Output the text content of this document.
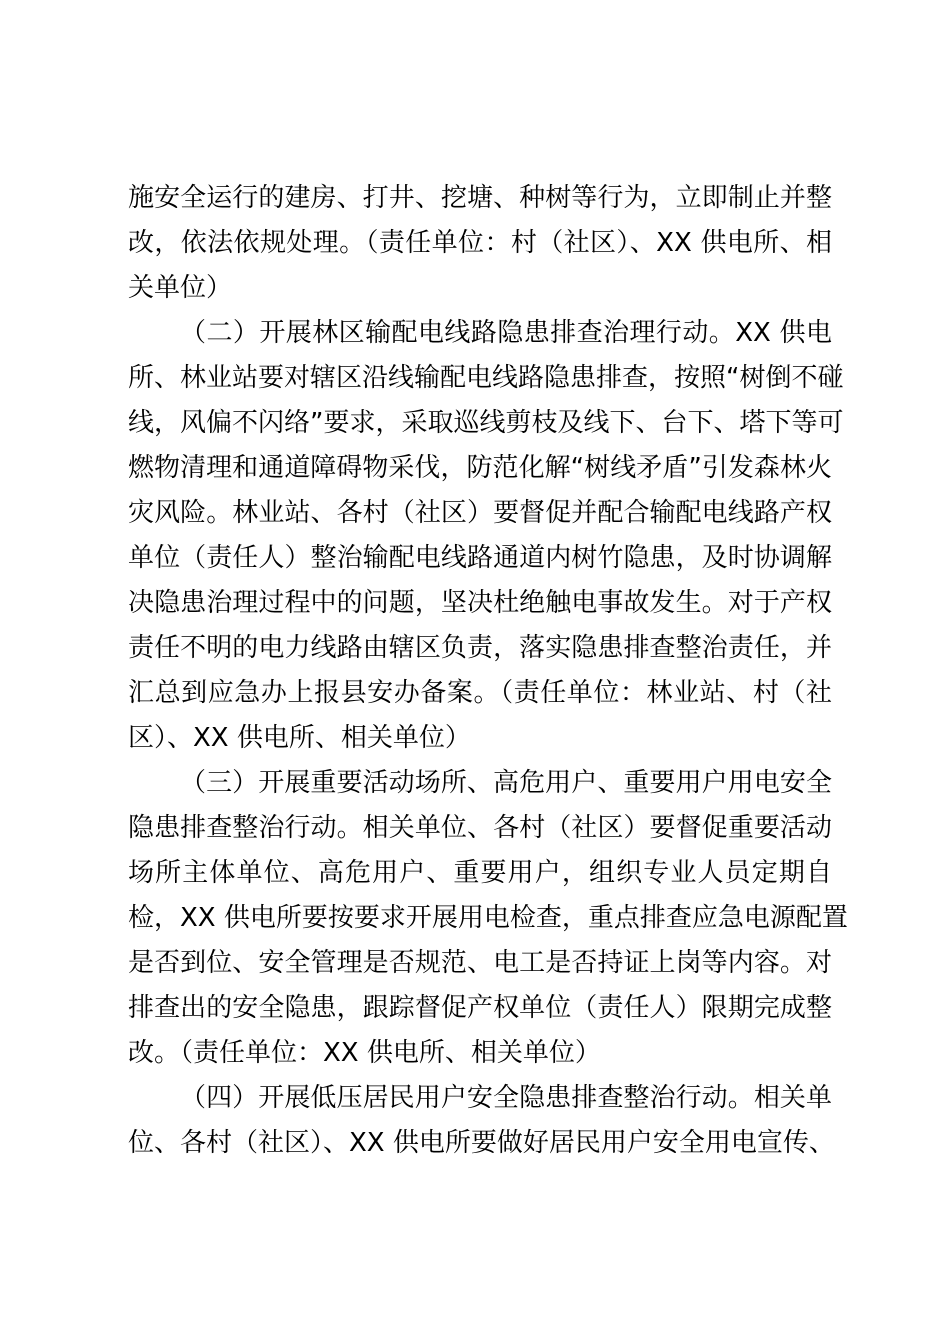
施安全运行的建房、打井、挖塘、种树等行为，立即制止并整
改，依法依规处理。（责任单位：村（社区）、XX 供电所、相
关单位）
（二）开展林区输配电线路隐患排查治理行动。XX 供电
所、林业站要对辖区沿线输配电线路隐患排查，按照“树倒不碰
线，风偏不闪络”要求，采取巡线剪枝及线下、台下、塔下等可
燃物清理和通道障碍物采伐，防范化解“树线矛盾”引发森林火
灾风险。林业站、各村（社区）要督促并配合输配电线路产权
单位（责任人）整治输配电线路通道内树竹隐患，及时协调解
决隐患治理过程中的问题，坚决杜绝触电事故发生。对于产权
责任不明的电力线路由辖区负责，落实隐患排查整治责任，并
汇总到应急办上报县安办备案。（责任单位：林业站、村（社
区）、XX 供电所、相关单位）
（三）开展重要活动场所、高危用户、重要用户用电安全
隐患排查整治行动。相关单位、各村（社区）要督促重要活动
场所主体单位、高危用户、重要用户，组织专业人员定期自
检，XX 供电所要按要求开展用电检查，重点排查应急电源配置
是否到位、安全管理是否规范、电工是否持证上岗等内容。对
排查出的安全隐患，跟踪督促产权单位（责任人）限期完成整
改。（责任单位：XX 供电所、相关单位）
（四）开展低压居民用户安全隐患排查整治行动。相关单
位、各村（社区）、XX 供电所要做好居民用户安全用电宣传、
